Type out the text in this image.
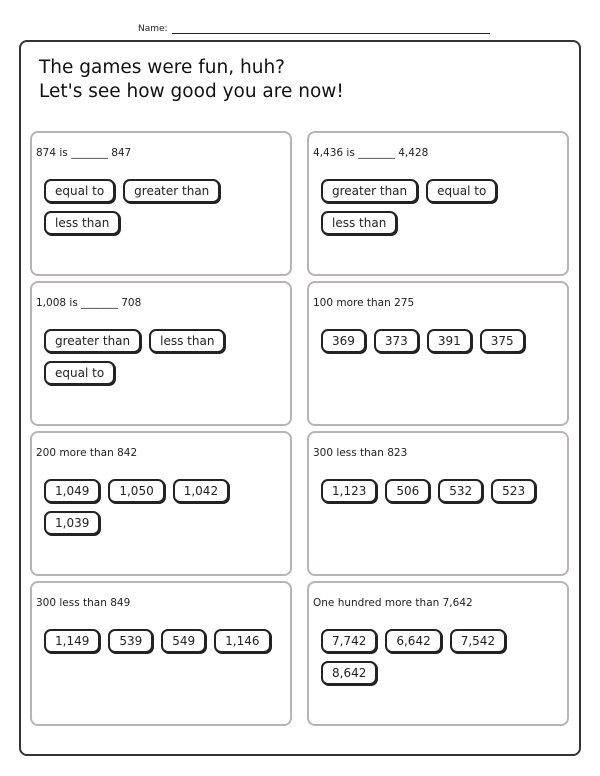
Name:
The games were fun, huh?
Let's see how good you are now!
874 is _______ 847
equal to	greater than
less than
4,436 is _______ 4,428
greater than	equal to
less than
1,008 is _______ 708
greater than	less than
equal to
100 more than 275
369	373	391	375
200 more than 842
1,049	1,050	1,042
1,039
300 less than 823
1,123	506	532	523
300 less than 849
1,149	539	549	1,146
One hundred more than 7,642
7,742	6,642	7,542
8,642
